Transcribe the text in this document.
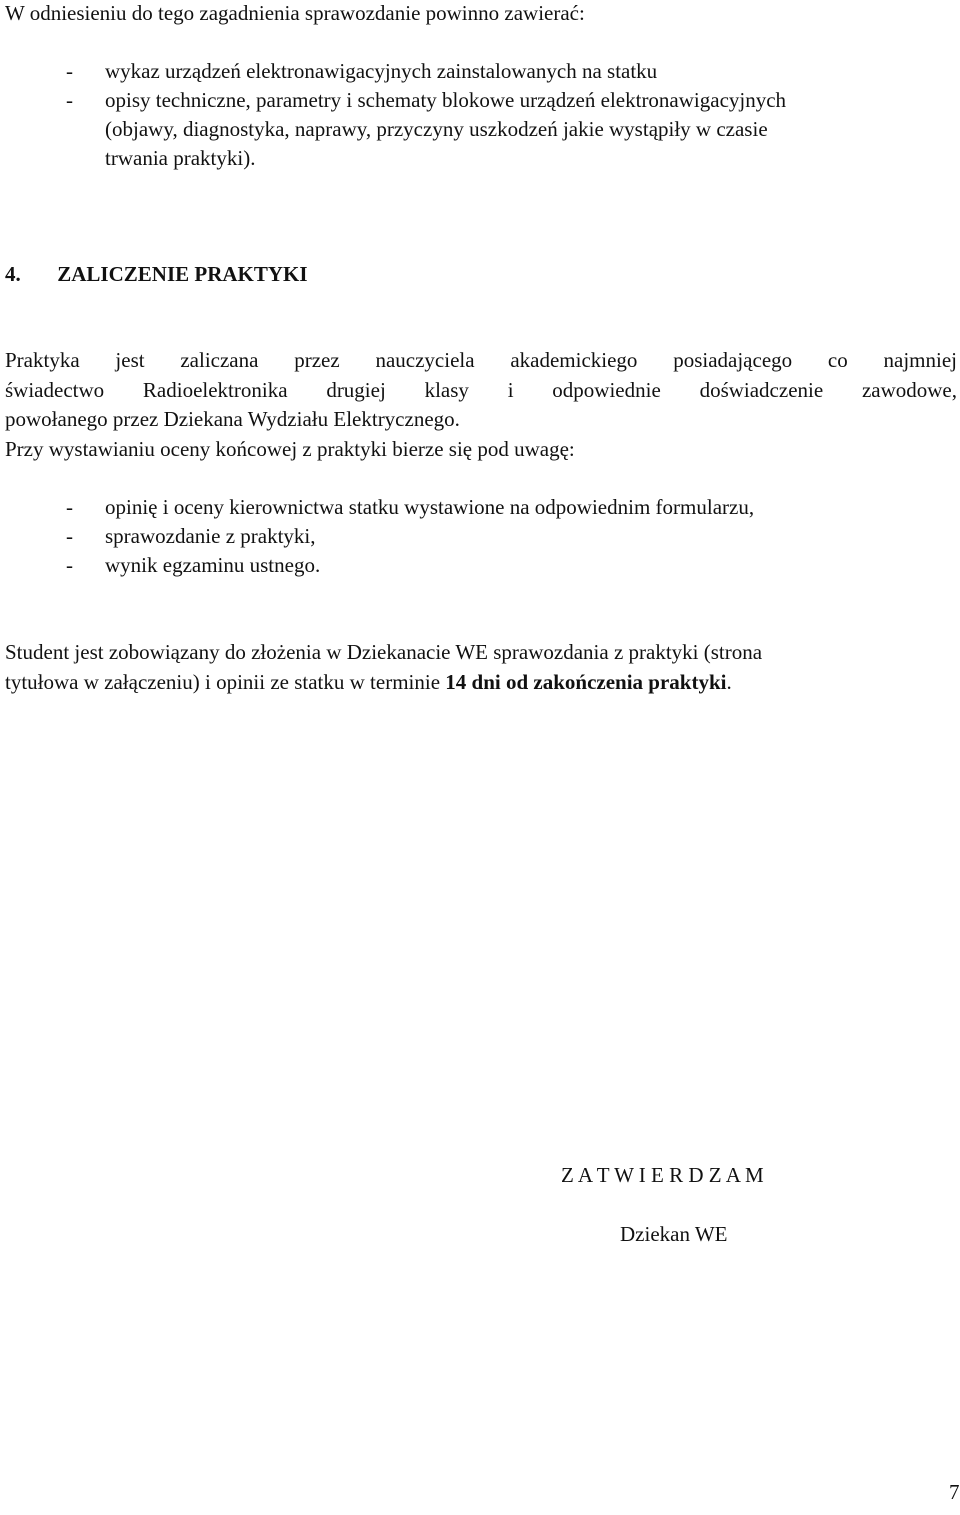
W odniesieniu do tego zagadnienia sprawozdanie powinno zawierać:
- wykaz urządzeń elektronawigacyjnych zainstalowanych na statku
- opisy techniczne, parametry i schematy blokowe urządzeń elektronawigacyjnych
(objawy, diagnostyka, naprawy, przyczyny uszkodzeń jakie wystąpiły w czasie
trwania praktyki).
4. ZALICZENIE PRAKTYKI
Praktyka jest zaliczana przez nauczyciela akademickiego posiadającego co najmniej
świadectwo Radioelektronika drugiej klasy i odpowiednie doświadczenie zawodowe,
powołanego przez Dziekana Wydziału Elektrycznego.
Przy wystawianiu oceny końcowej z praktyki bierze się pod uwagę:
- opinię i oceny kierownictwa statku wystawione na odpowiednim formularzu,
- sprawozdanie z praktyki,
- wynik egzaminu ustnego.
Student jest zobowiązany do złożenia w Dziekanacie WE sprawozdania z praktyki (strona
tytułowa w załączeniu) i opinii ze statku w terminie 14 dni od zakończenia praktyki.
Z A T W I E R D Z A M
Dziekan WE
7
